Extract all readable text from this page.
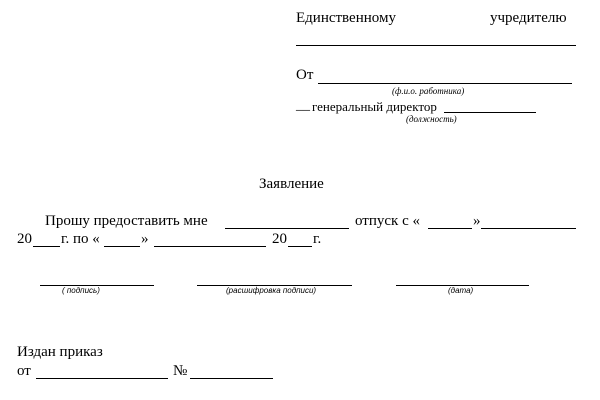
Единственному	учредителю
От
(ф.и.о. работника)
__ генеральный директор
(должность)
Заявление
Прошу предоставить мне	отпуск с «	»
20 г. по «	»	20 г.
( подпись)	(расшифровка подписи)	(дата)
Издан приказ
от	№
